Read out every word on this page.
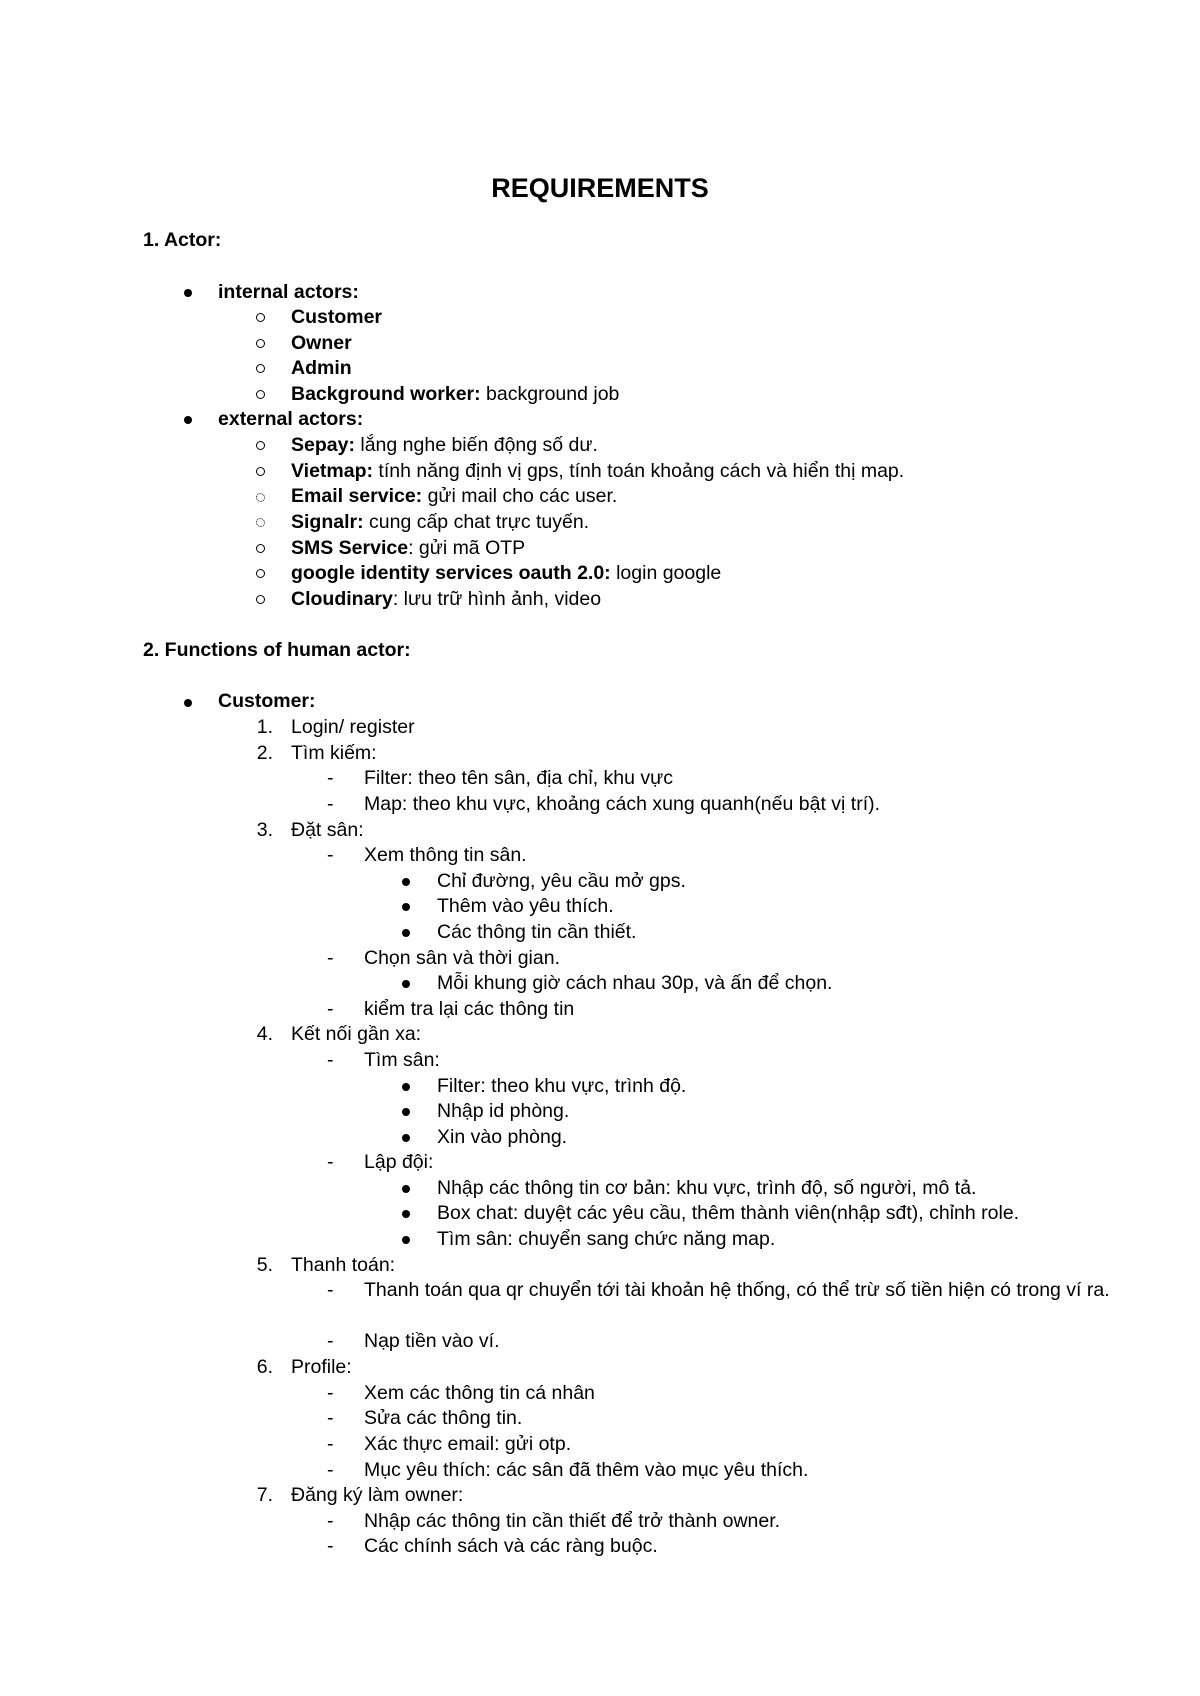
REQUIREMENTS
1. Actor:
internal actors:
Customer
Owner
Admin
Background worker: background job
external actors:
Sepay: lắng nghe biến động số dư.
Vietmap: tính năng định vị gps, tính toán khoảng cách và hiển thị map.
Email service: gửi mail cho các user.
Signalr: cung cấp chat trực tuyến.
SMS Service: gửi mã OTP
google identity services oauth 2.0: login google
Cloudinary: lưu trữ hình ảnh, video
2. Functions of human actor:
Customer:
1. Login/ register
2. Tìm kiếm:
- Filter: theo tên sân, địa chỉ, khu vực
- Map: theo khu vực, khoảng cách xung quanh(nếu bật vị trí).
3. Đặt sân:
- Xem thông tin sân.
Chỉ đường, yêu cầu mở gps.
Thêm vào yêu thích.
Các thông tin cần thiết.
- Chọn sân và thời gian.
Mỗi khung giờ cách nhau 30p, và ấn để chọn.
- kiểm tra lại các thông tin
4. Kết nối gần xa:
- Tìm sân:
Filter: theo khu vực, trình độ.
Nhập id phòng.
Xin vào phòng.
- Lập đội:
Nhập các thông tin cơ bản: khu vực, trình độ, số người, mô tả.
Box chat: duyệt các yêu cầu, thêm thành viên(nhập sđt), chỉnh role.
Tìm sân: chuyển sang chức năng map.
5. Thanh toán:
- Thanh toán qua qr chuyển tới tài khoản hệ thống, có thể trừ số tiền hiện có trong ví ra.
- Nạp tiền vào ví.
6. Profile:
- Xem các thông tin cá nhân
- Sửa các thông tin.
- Xác thực email: gửi otp.
- Mục yêu thích: các sân đã thêm vào mục yêu thích.
7. Đăng ký làm owner:
- Nhập các thông tin cần thiết để trở thành owner.
- Các chính sách và các ràng buộc.
